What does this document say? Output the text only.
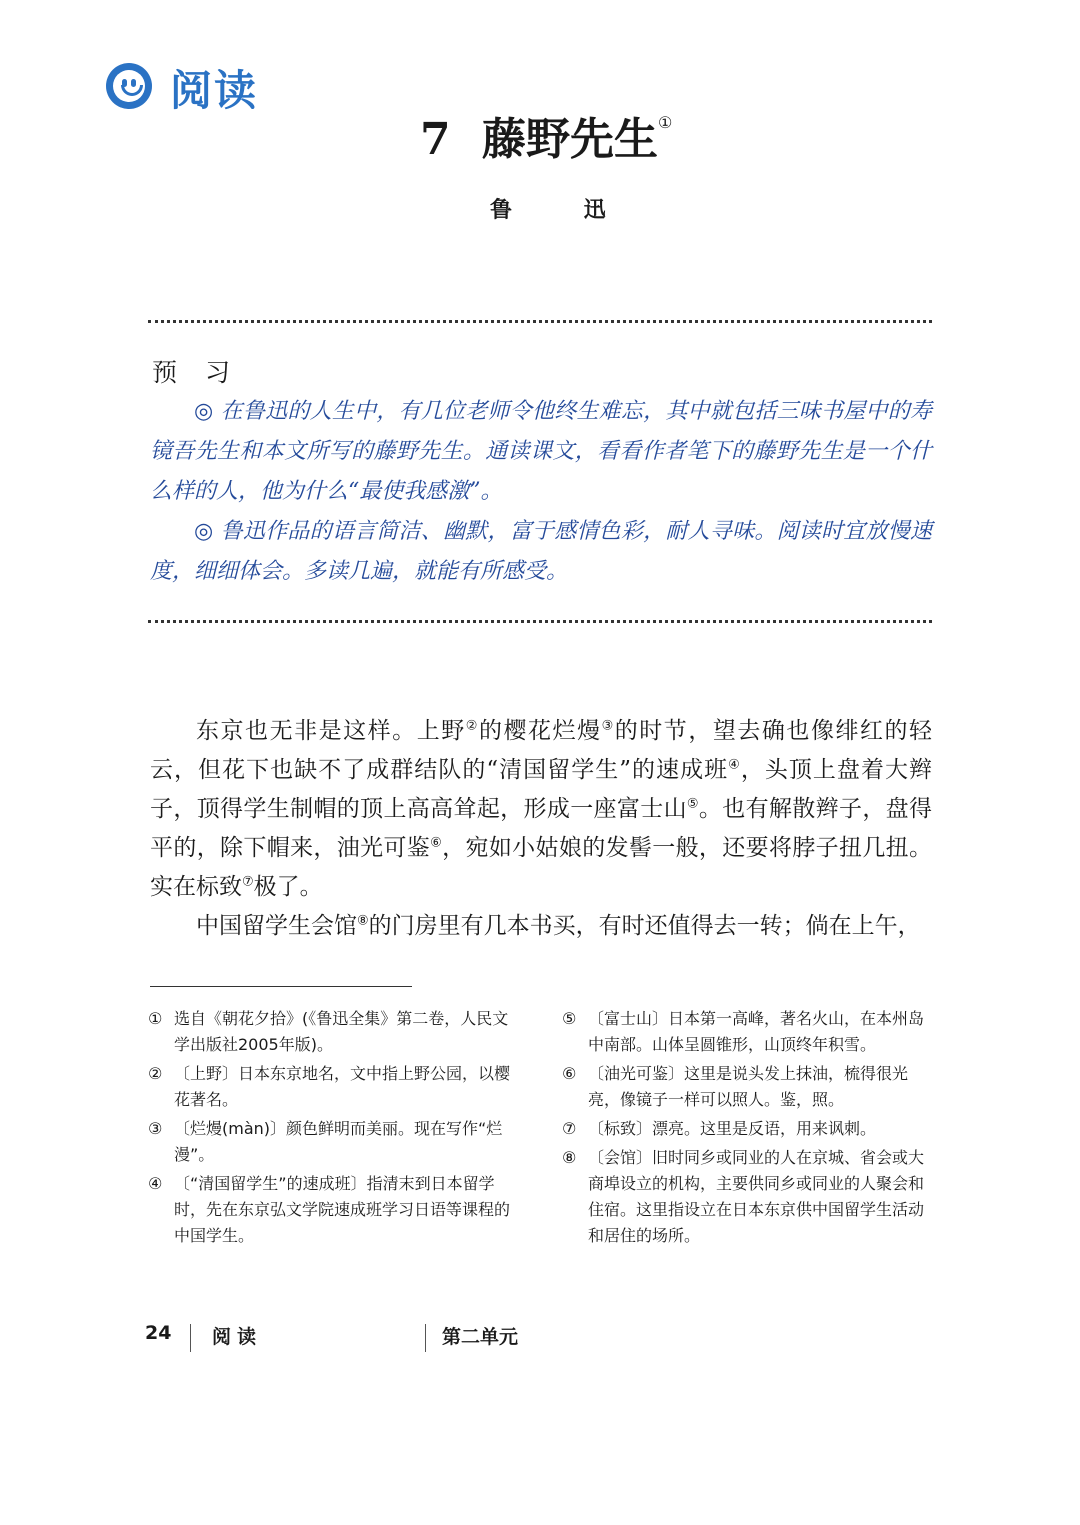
阅读
7 藤野先生①
鲁 迅
预 习

◎ 在鲁迅的人生中，有几位老师令他终生难忘，其中就包括三味书屋中的寿镜吾先生和本文所写的藤野先生。通读课文，看看作者笔下的藤野先生是一个什么样的人，他为什么“最使我感激”。

◎ 鲁迅作品的语言简洁、幽默，富于感情色彩，耐人寻味。阅读时宜放慢速度，细细体会。多读几遍，就能有所感受。

东京也无非是这样。上野②的樱花烂熳③的时节，望去确也像绯红的轻云，但花下也缺不了成群结队的“清国留学生”的速成班④，头顶上盘着大辫子，顶得学生制帽的顶上高高耸起，形成一座富士山⑤。也有解散辫子，盘得平的，除下帽来，油光可鉴⑥，宛如小姑娘的发髻一般，还要将脖子扭几扭。实在标致⑦极了。

中国留学生会馆⑧的门房里有几本书买，有时还值得去一转；倘在上午，

① 选自《朝花夕拾》(《鲁迅全集》第二卷，人民文学出版社2005年版)。
② 〔上野〕日本东京地名，文中指上野公园，以樱花著名。
③ 〔烂熳(màn)〕颜色鲜明而美丽。现在写作“烂漫”。
④ 〔“清国留学生”的速成班〕指清末到日本留学时，先在东京弘文学院速成班学习日语等课程的中国学生。
⑤ 〔富士山〕日本第一高峰，著名火山，在本州岛中南部。山体呈圆锥形，山顶终年积雪。
⑥ 〔油光可鉴〕这里是说头发上抹油，梳得很光亮，像镜子一样可以照人。鉴，照。
⑦ 〔标致〕漂亮。这里是反语，用来讽刺。
⑧ 〔会馆〕旧时同乡或同业的人在京城、省会或大商埠设立的机构，主要供同乡或同业的人聚会和住宿。这里指设立在日本东京供中国留学生活动和居住的场所。
24 阅读	第二单元
